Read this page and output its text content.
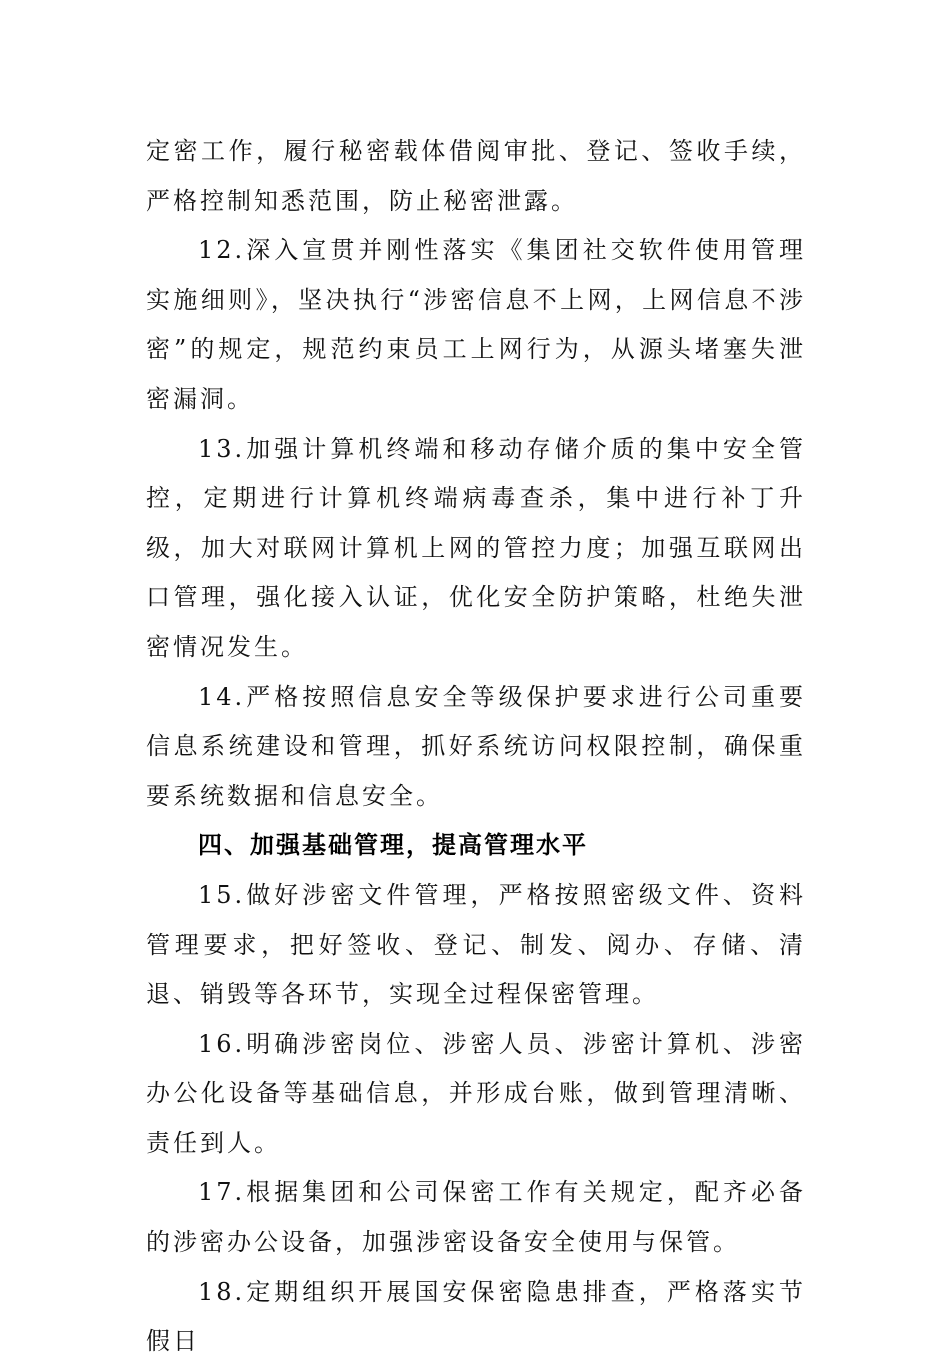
定密工作，履行秘密载体借阅审批、登记、签收手续，严格控制知悉范围，防止秘密泄露。

12.深入宣贯并刚性落实《集团社交软件使用管理实施细则》，坚决执行“涉密信息不上网，上网信息不涉密”的规定，规范约束员工上网行为，从源头堵塞失泄密漏洞。

13.加强计算机终端和移动存储介质的集中安全管控，定期进行计算机终端病毒查杀，集中进行补丁升级，加大对联网计算机上网的管控力度；加强互联网出口管理，强化接入认证，优化安全防护策略，杜绝失泄密情况发生。

14.严格按照信息安全等级保护要求进行公司重要信息系统建设和管理，抓好系统访问权限控制，确保重要系统数据和信息安全。

四、加强基础管理，提高管理水平

15.做好涉密文件管理，严格按照密级文件、资料管理要求，把好签收、登记、制发、阅办、存储、清退、销毁等各环节，实现全过程保密管理。

16.明确涉密岗位、涉密人员、涉密计算机、涉密办公化设备等基础信息，并形成台账，做到管理清晰、责任到人。

17.根据集团和公司保密工作有关规定，配齐必备的涉密办公设备，加强涉密设备安全使用与保管。

18.定期组织开展国安保密隐患排查，严格落实节假日
